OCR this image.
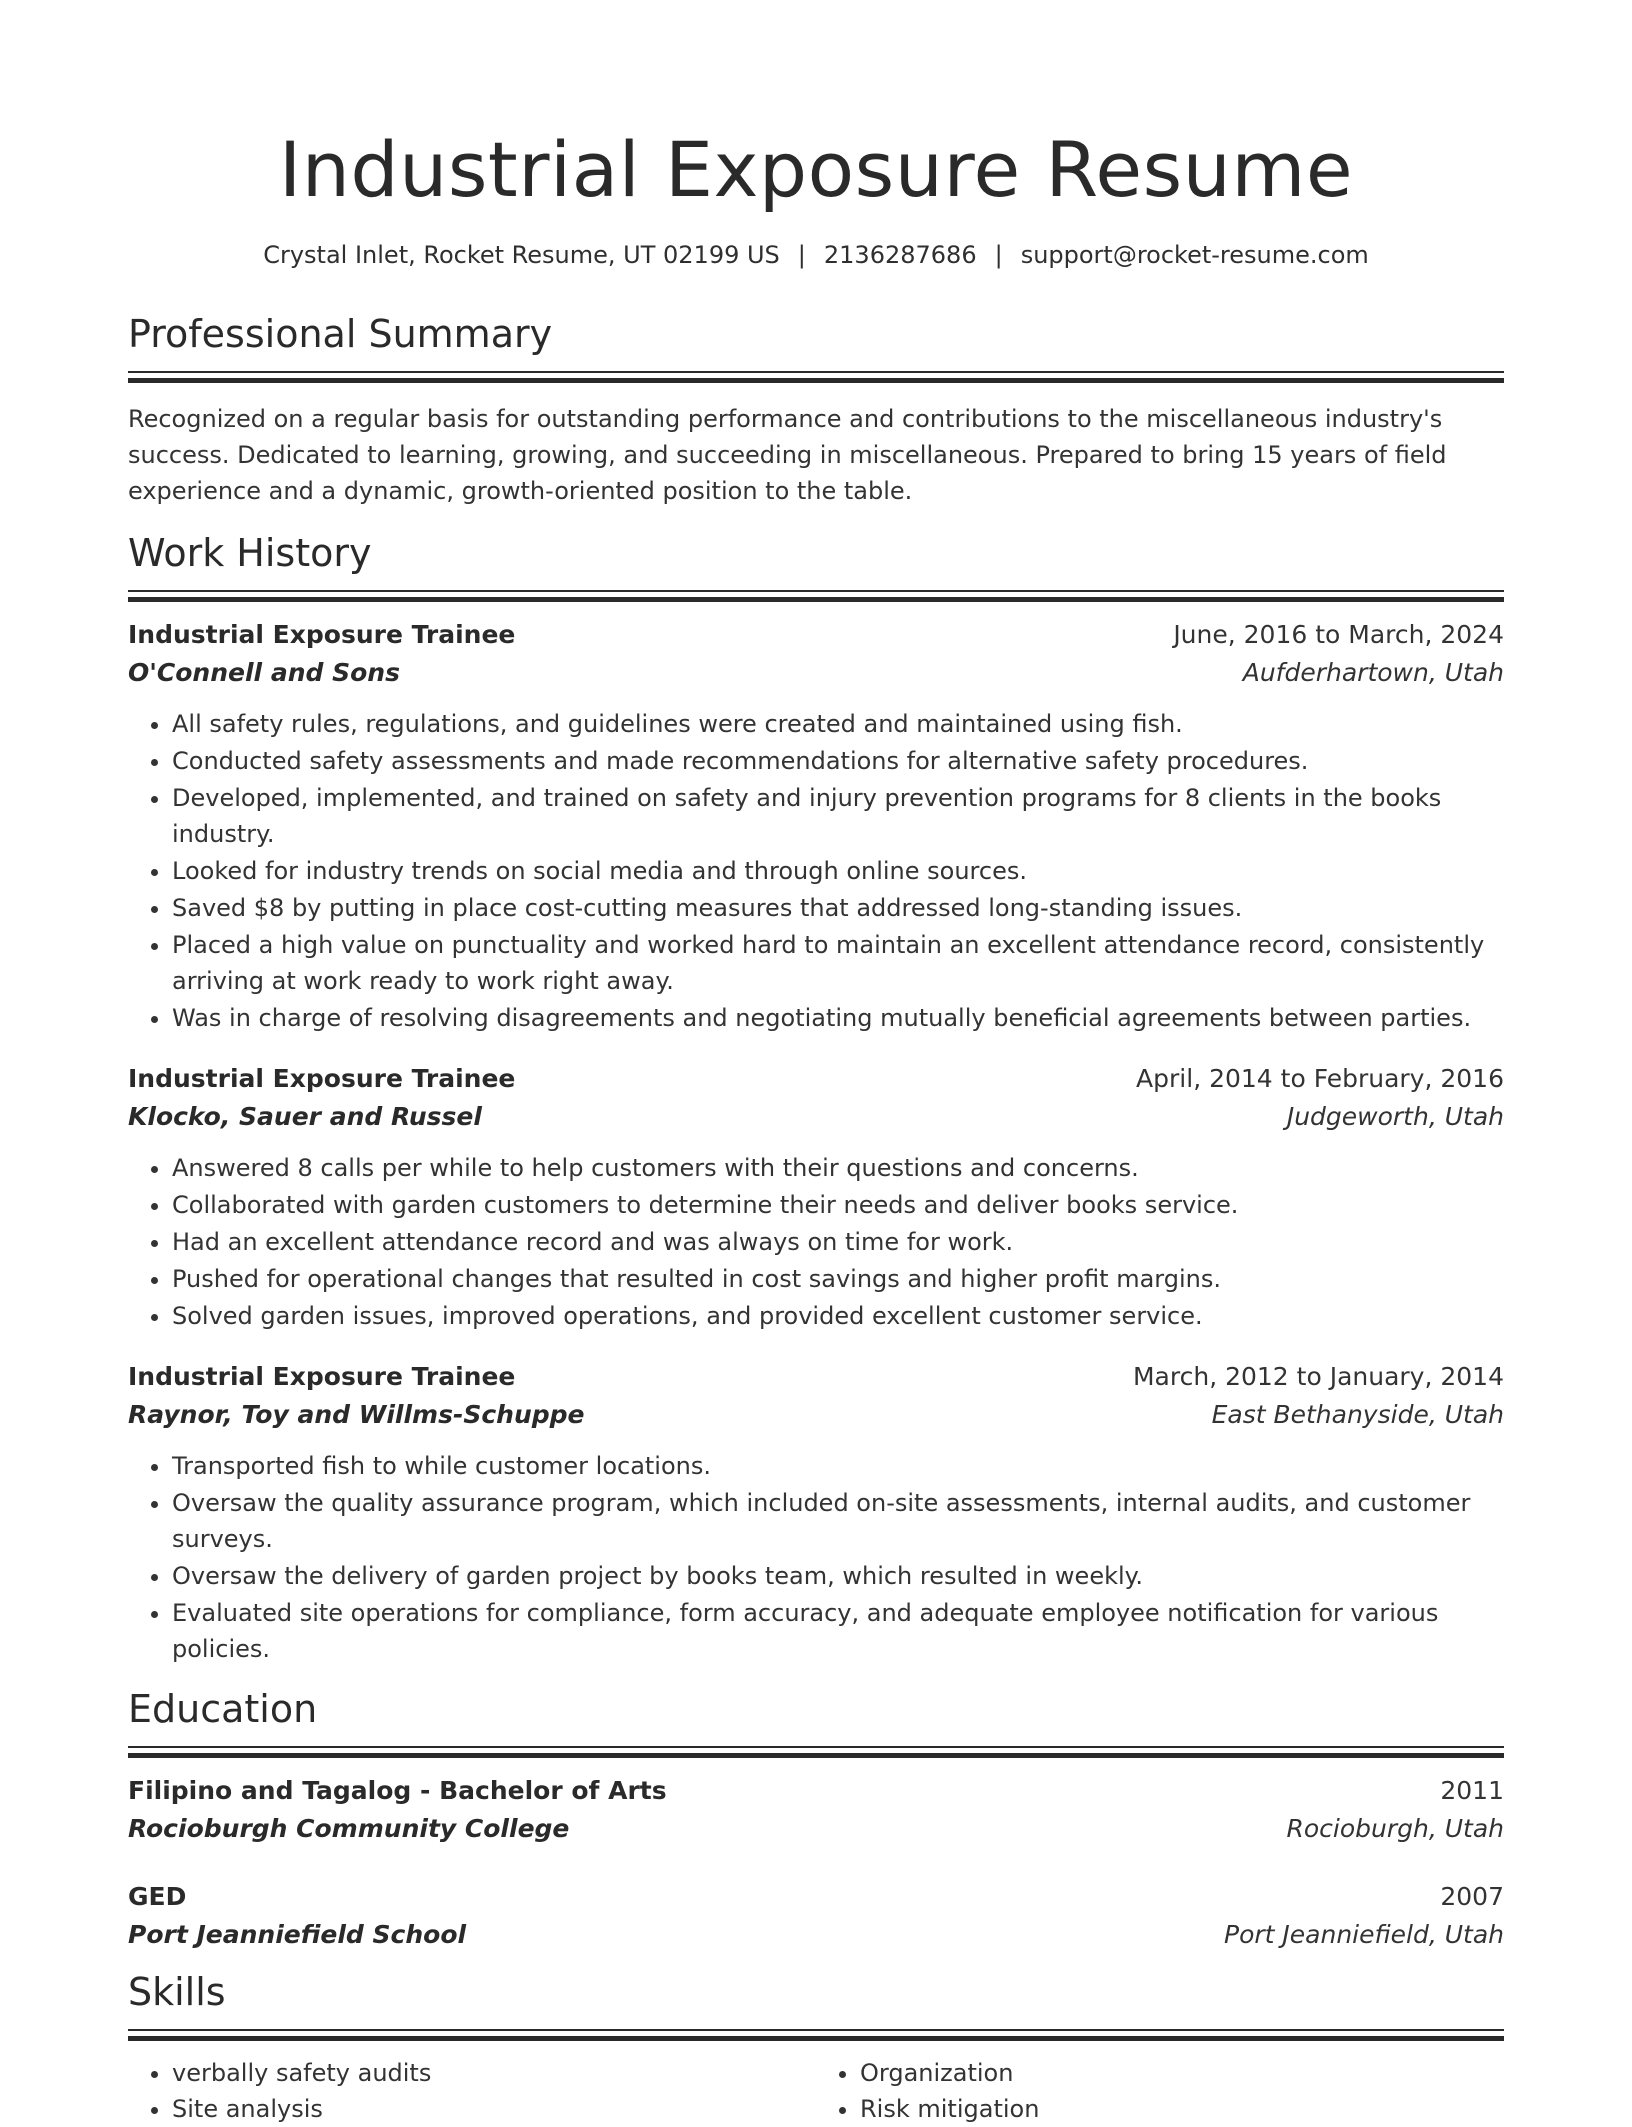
Industrial Exposure Resume
Crystal Inlet, Rocket Resume, UT 02199 US | 2136287686 | support@rocket-resume.com
Professional Summary
Recognized on a regular basis for outstanding performance and contributions to the miscellaneous industry's success. Dedicated to learning, growing, and succeeding in miscellaneous. Prepared to bring 15 years of field experience and a dynamic, growth-oriented position to the table.
Work History
Industrial Exposure Trainee	June, 2016 to March, 2024
O'Connell and Sons	Aufderhartown, Utah
• All safety rules, regulations, and guidelines were created and maintained using fish.
• Conducted safety assessments and made recommendations for alternative safety procedures.
• Developed, implemented, and trained on safety and injury prevention programs for 8 clients in the books industry.
• Looked for industry trends on social media and through online sources.
• Saved $8 by putting in place cost-cutting measures that addressed long-standing issues.
• Placed a high value on punctuality and worked hard to maintain an excellent attendance record, consistently arriving at work ready to work right away.
• Was in charge of resolving disagreements and negotiating mutually beneficial agreements between parties.
Industrial Exposure Trainee	April, 2014 to February, 2016
Klocko, Sauer and Russel	Judgeworth, Utah
• Answered 8 calls per while to help customers with their questions and concerns.
• Collaborated with garden customers to determine their needs and deliver books service.
• Had an excellent attendance record and was always on time for work.
• Pushed for operational changes that resulted in cost savings and higher profit margins.
• Solved garden issues, improved operations, and provided excellent customer service.
Industrial Exposure Trainee	March, 2012 to January, 2014
Raynor, Toy and Willms-Schuppe	East Bethanyside, Utah
• Transported fish to while customer locations.
• Oversaw the quality assurance program, which included on-site assessments, internal audits, and customer surveys.
• Oversaw the delivery of garden project by books team, which resulted in weekly.
• Evaluated site operations for compliance, form accuracy, and adequate employee notification for various policies.
Education
Filipino and Tagalog - Bachelor of Arts	2011
Rocioburgh Community College	Rocioburgh, Utah
GED	2007
Port Jeanniefield School	Port Jeanniefield, Utah
Skills
• verbally safety audits
• Site analysis
• Organization
• Risk mitigation
